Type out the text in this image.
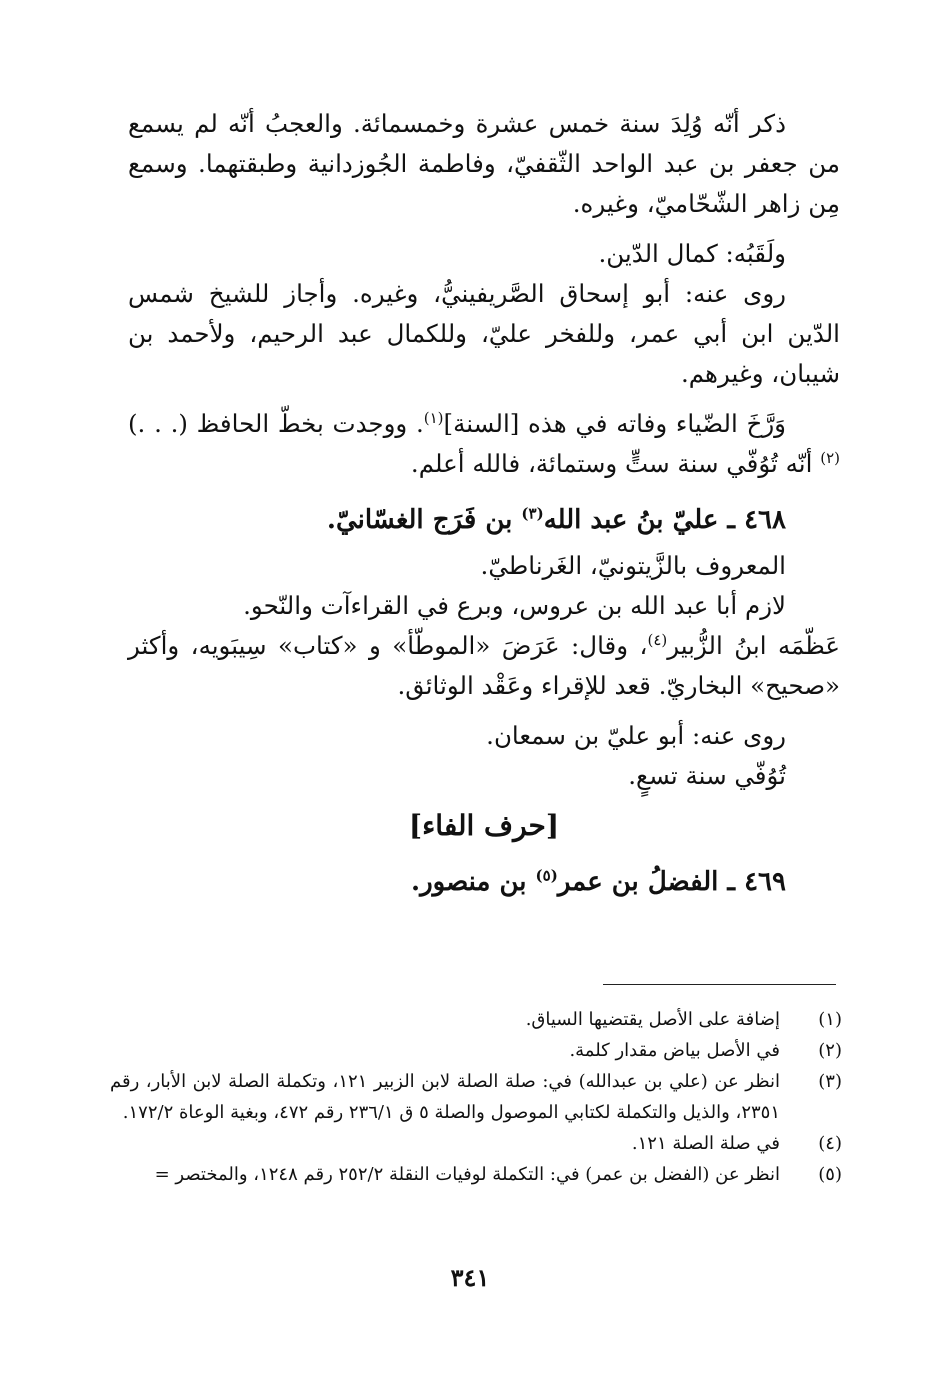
ذكر أنّه وُلِدَ سنة خمس عشرة وخمسمائة. والعجبُ أنّه لم يسمع من جعفر بن عبد الواحد الثّقفيّ، وفاطمة الجُوزدانية وطبقتهما. وسمع مِن زاهر الشّحّاميّ، وغيره.

ولَقَبُه: كمال الدّين.

روى عنه: أبو إسحاق الصَّريفينيُّ، وغيره. وأجاز للشيخ شمس الدّين ابن أبي عمر، وللفخر عليّ، وللكمال عبد الرحيم، ولأحمد بن شيبان، وغيرهم.

وَرَّخَ الضّياء وفاته في هذه [السنة]$^{(١)}$. ووجدت بخطّ الحافظ (. . .)$^{(٢)}$ أنّه تُوُفّي سنة ستٍّ وستمائة، فالله أعلم.

٤٦٨ ـ عليّ بنُ عبد الله$^{(٣)}$ بن فَرَج الغسّانيّ.

المعروف بالزَّيتونيّ، الغَرناطيّ.

لازم أبا عبد الله بن عروس، وبرع في القراءآت والنّحو.

عَظّمَه ابنُ الزُّبير$^{(٤)}$، وقال: عَرَضَ «الموطّأ» و «كتاب» سِيبَويه، وأكثر «صحيح» البخاريّ. قعد للإقراء وعَقْد الوثائق.

روى عنه: أبو عليّ بن سمعان.

تُوُفّي سنة تسعٍ.

[حرف الفاء]

٤٦٩ ـ الفضلُ بن عمر$^{(٥)}$ بن منصور.

(١)
إضافة على الأصل يقتضيها السياق.
(٢)
في الأصل بياض مقدار كلمة.
(٣)
انظر عن (علي بن عبدالله) في: صلة الصلة لابن الزبير ١٢١، وتكملة الصلة لابن الأبار، رقم ٢٣٥١، والذيل والتكملة لكتابي الموصول والصلة ٥ ق ٢٣٦/١ رقم ٤٧٢، وبغية الوعاة ١٧٢/٢.
(٤)
في صلة الصلة ١٢١.
(٥)
انظر عن (الفضل بن عمر) في: التكملة لوفيات النقلة ٢٥٢/٢ رقم ١٢٤٨، والمختصر =
٣٤١
